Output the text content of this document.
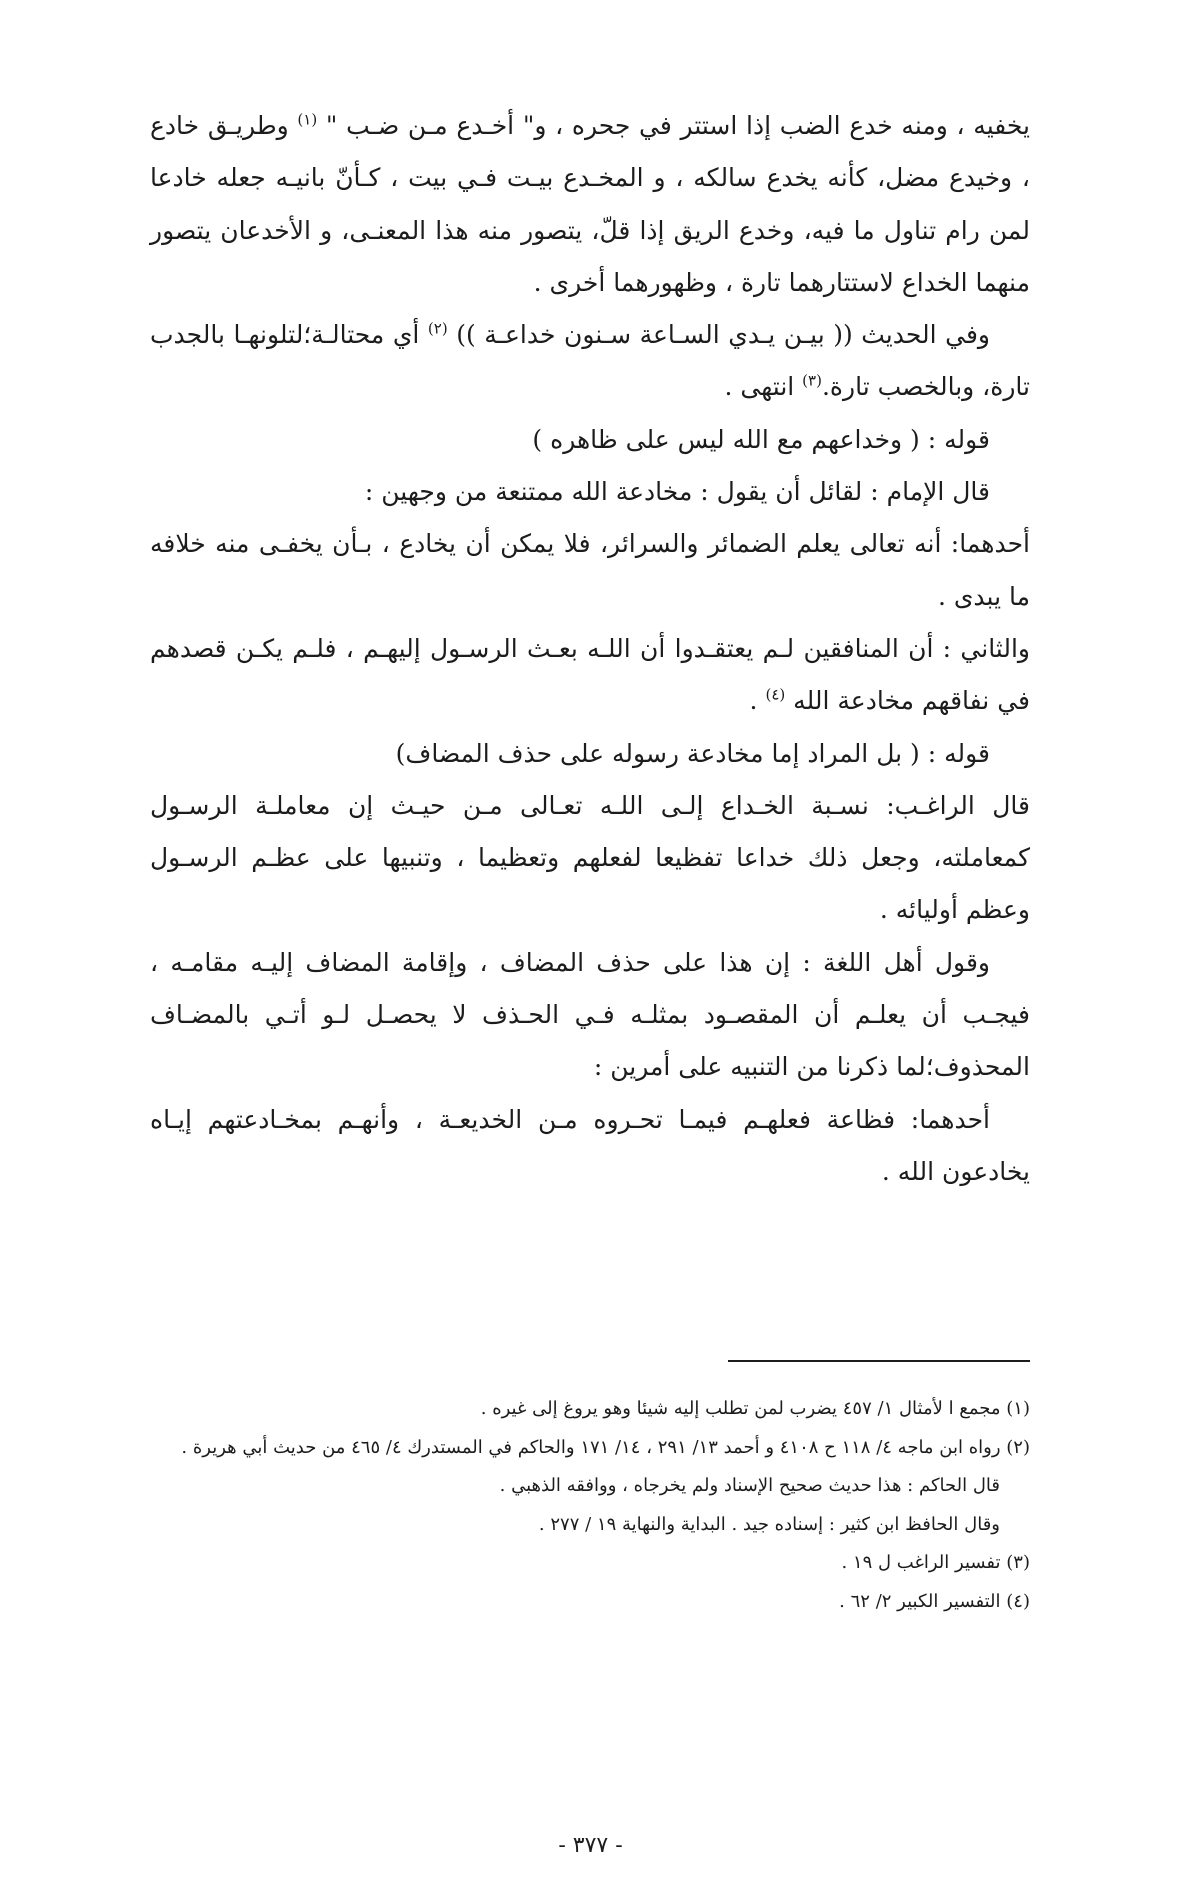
يخفيه ، ومنه خدع الضب إذا استتر في جحره ، و" أخـدع مـن ضـب " $^{(١)}$ وطريـق خادع ، وخيدع مضل، كأنه يخدع سالكه ، و المخـدع بيـت فـي بيت ، كـأنّ بانيـه جعله خادعا لمن رام تناول ما فيه، وخدع الريق إذا قلّ، يتصور منه هذا المعنـى، و الأخدعان يتصور منهما الخداع لاستتارهما تارة ، وظهورهما أخرى .

وفي الحديث (( بيـن يـدي السـاعة سـنون خداعـة )) $^{(٢)}$ أي محتالـة؛لتلونهـا بالجدب تارة، وبالخصب تارة.$^{(٣)}$ انتهى .

قوله : ( وخداعهم مع الله ليس على ظاهره )

قال الإمام : لقائل أن يقول : مخادعة الله ممتنعة من وجهين :

أحدهما: أنه تعالى يعلم الضمائر والسرائر، فلا يمكن أن يخادع ، بـأن يخفـى منه خلافه ما يبدى .

والثاني : أن المنافقين لـم يعتقـدوا أن اللـه بعـث الرسـول إليهـم ، فلـم يكـن قصدهم في نفاقهم مخادعة الله $^{(٤)}$ .

قوله : ( بل المراد إما مخادعة رسوله على حذف المضاف)

قال الراغـب: نسـبة الخـداع إلـى اللـه تعـالى مـن حيـث إن معاملـة الرسـول كمعاملته، وجعل ذلك خداعا تفظيعا لفعلهم وتعظيما ، وتنبيها على عظـم الرسـول وعظم أوليائه .

وقول أهل اللغة : إن هذا على حذف المضاف ، وإقامة المضاف إليـه مقامـه ، فيجـب أن يعلـم أن المقصـود بمثلـه فـي الحـذف لا يحصـل لـو أتـي بالمضـاف المحذوف؛لما ذكرنا من التنبيه على أمرين :

أحدهما: فظاعة فعلهـم فيمـا تحـروه مـن الخديعـة ، وأنهـم بمخـادعتهم إيـاه يخادعون الله .

(١) مجمع ا لأمثال ١/ ٤٥٧ يضرب لمن تطلب إليه شيئا وهو يروغ إلى غيره .

(٢) رواه ابن ماجه ٤/ ١١٨ ح ٤١٠٨ و أحمد ١٣/ ٢٩١ ، ١٤/ ١٧١ والحاكم في المستدرك ٤/ ٤٦٥ من حديث أبي هريرة .

قال الحاكم : هذا حديث صحيح الإسناد ولم يخرجاه ، ووافقه الذهبي .

وقال الحافظ ابن كثير : إسناده جيد . البداية والنهاية ١٩ / ٢٧٧ .

(٣) تفسير الراغب ل ١٩ .

(٤) التفسير الكبير ٢/ ٦٢ .

- ٣٧٧ -
